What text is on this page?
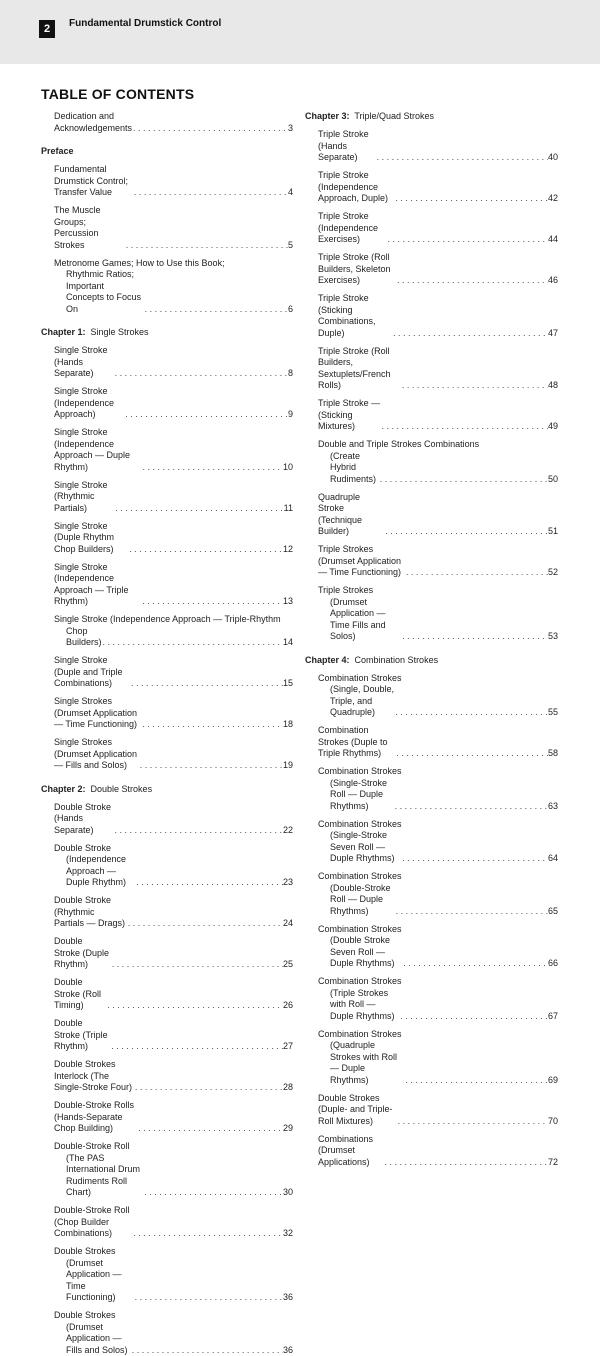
2	Fundamental Drumstick Control
TABLE OF CONTENTS
Dedication and Acknowledgements . . .	3
Preface
Fundamental Drumstick Control; Transfer Value . . .	4
The Muscle Groups; Percussion Strokes . . .	5
Metronome Games; How to Use this Book;
Rhythmic Ratios; Important Concepts to Focus On . . .	6
Chapter 1: Single Strokes
Single Stroke (Hands Separate) . . .	8
Single Stroke (Independence Approach) . . .	9
Single Stroke (Independence Approach — Duple Rhythm) . . .	10
Single Stroke (Rhythmic Partials) . . .	11
Single Stroke (Duple Rhythm Chop Builders) . . .	12
Single Stroke (Independence Approach — Triple Rhythm) . . .	13
Single Stroke (Independence Approach — Triple-Rhythm
Chop Builders) . . .	14
Single Stroke (Duple and Triple Combinations) . . .	15
Single Strokes (Drumset Application — Time Functioning) . . .	18
Single Strokes (Drumset Application — Fills and Solos) . . .	19
Chapter 2: Double Strokes
Double Stroke (Hands Separate) . . .	22
Double Stroke
(Independence Approach — Duple Rhythm) . . .	23
Double Stroke (Rhythmic Partials — Drags) . . .	24
Double Stroke (Duple Rhythm) . . .	25
Double Stroke (Roll Timing) . . .	26
Double Stroke (Triple Rhythm) . . .	27
Double Strokes Interlock (The Single-Stroke Four) . . .	28
Double-Stroke Rolls (Hands-Separate Chop Building) . . .	29
Double-Stroke Roll
(The PAS International Drum Rudiments Roll Chart) . . .	30
Double-Stroke Roll (Chop Builder Combinations) . . .	32
Double Strokes
(Drumset Application — Time Functioning) . . .	36
Double Strokes
(Drumset Application — Fills and Solos) . . .	36
Chapter 3: Triple/Quad Strokes
Triple Stroke (Hands Separate) . . .	40
Triple Stroke (Independence Approach, Duple) . . .	42
Triple Stroke (Independence Exercises) . . .	44
Triple Stroke (Roll Builders, Skeleton Exercises) . . .	46
Triple Stroke (Sticking Combinations, Duple) . . .	47
Triple Stroke (Roll Builders, Sextuplets/French Rolls) . . .	48
Triple Stroke — (Sticking Mixtures) . . .	49
Double and Triple Strokes Combinations
(Create Hybrid Rudiments) . . .	50
Quadruple Stroke (Technique Builder) . . .	51
Triple Strokes (Drumset Application — Time Functioning) . . .	52
Triple Strokes
(Drumset Application — Time Fills and Solos) . . .	53
Chapter 4: Combination Strokes
Combination Strokes
(Single, Double, Triple, and Quadruple) . . .	55
Combination Strokes (Duple to Triple Rhythms) . . .	58
Combination Strokes
(Single-Stroke Roll — Duple Rhythms) . . .	63
Combination Strokes
(Single-Stroke Seven Roll — Duple Rhythms) . . .	64
Combination Strokes
(Double-Stroke Roll — Duple Rhythms) . . .	65
Combination Strokes
(Double Stroke Seven Roll — Duple Rhythms) . . .	66
Combination Strokes
(Triple Strokes with Roll — Duple Rhythms) . . .	67
Combination Strokes
(Quadruple Strokes with Roll — Duple Rhythms) . . .	69
Double Strokes (Duple- and Triple-Roll Mixtures) . . .	70
Combinations (Drumset Applications) . . .	72
